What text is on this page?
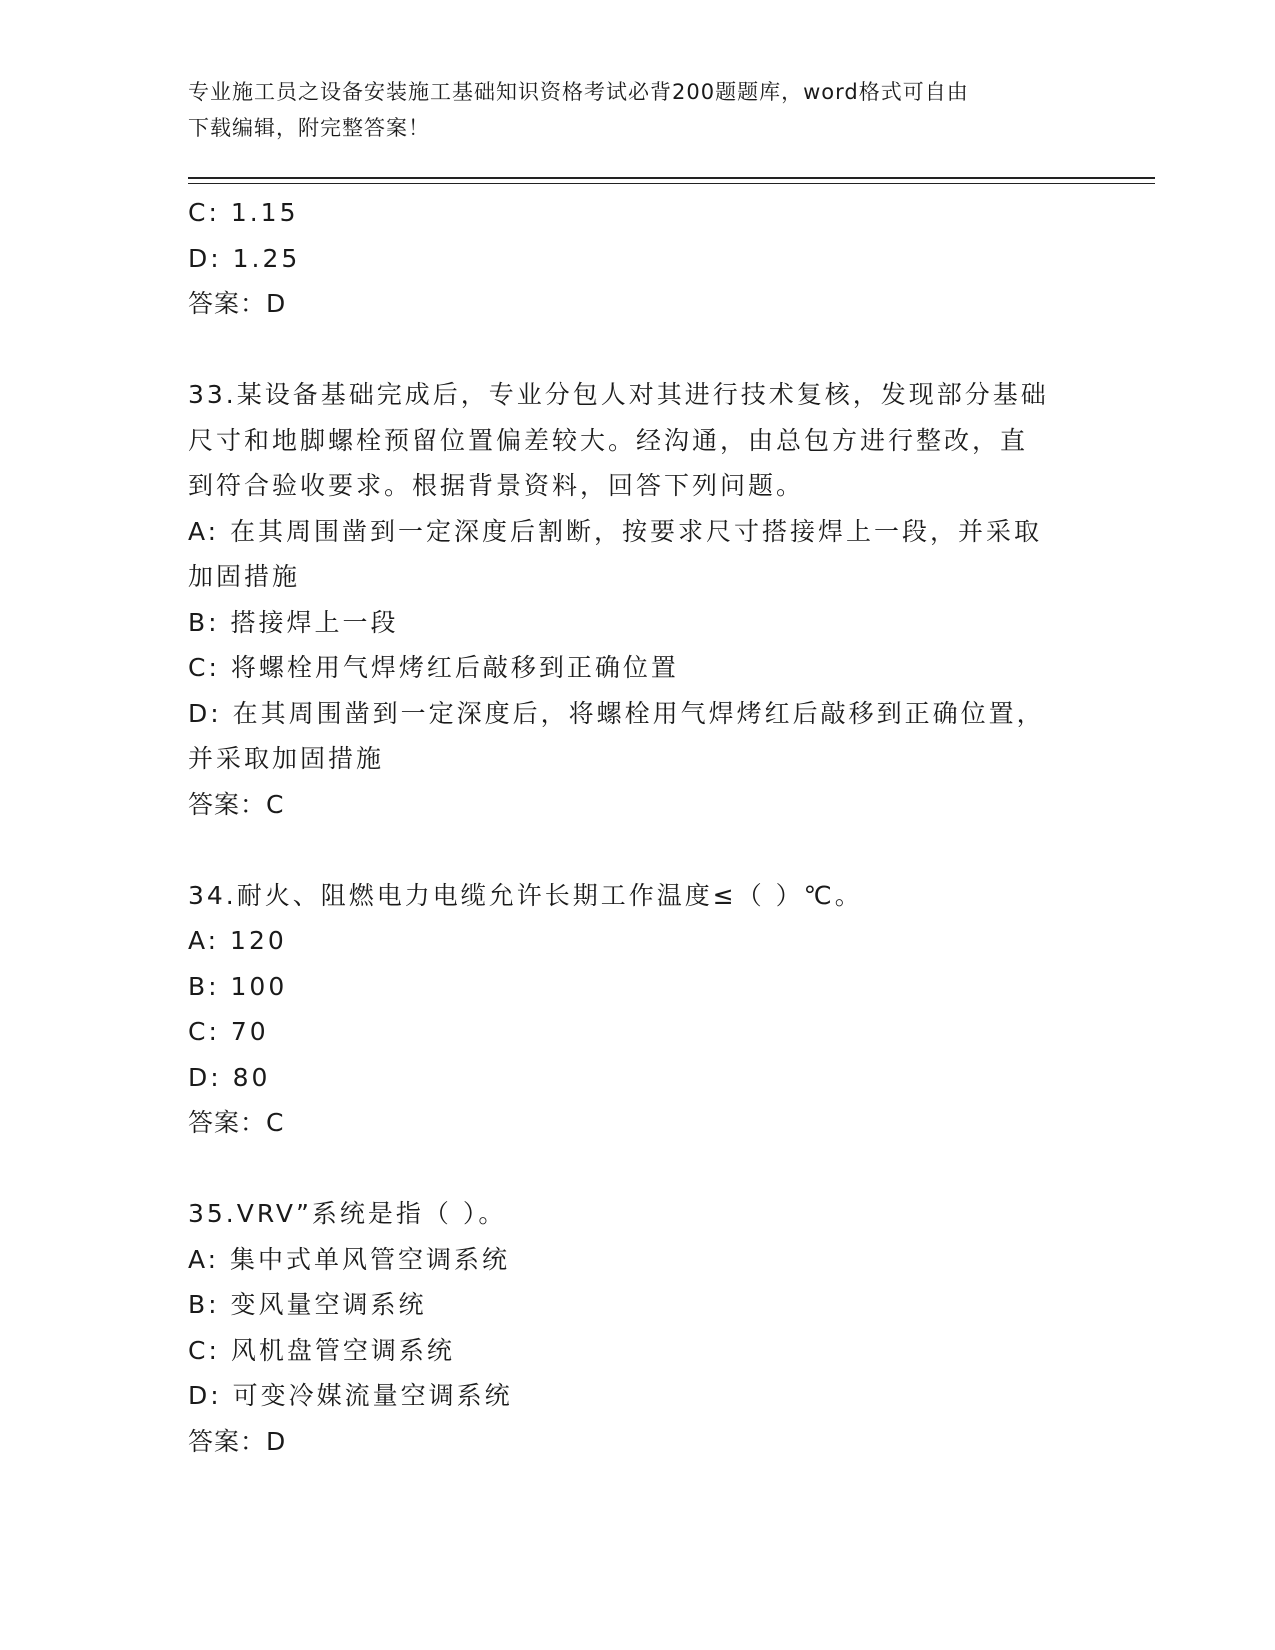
专业施工员之设备安装施工基础知识资格考试必背200题题库，word格式可自由
下载编辑，附完整答案！
C: 1.15
D: 1.25
答案：D
33.某设备基础完成后，专业分包人对其进行技术复核，发现部分基础
尺寸和地脚螺栓预留位置偏差较大。经沟通，由总包方进行整改，直
到符合验收要求。根据背景资料，回答下列问题。
A: 在其周围凿到一定深度后割断，按要求尺寸搭接焊上一段，并采取
加固措施
B: 搭接焊上一段
C: 将螺栓用气焊烤红后敲移到正确位置
D: 在其周围凿到一定深度后，将螺栓用气焊烤红后敲移到正确位置，
并采取加固措施
答案：C
34.耐火、阻燃电力电缆允许长期工作温度≤（ ）℃。
A: 120
B: 100
C: 70
D: 80
答案：C
35.VRV”系统是指（ ）。
A: 集中式单风管空调系统
B: 变风量空调系统
C: 风机盘管空调系统
D: 可变冷媒流量空调系统
答案：D
